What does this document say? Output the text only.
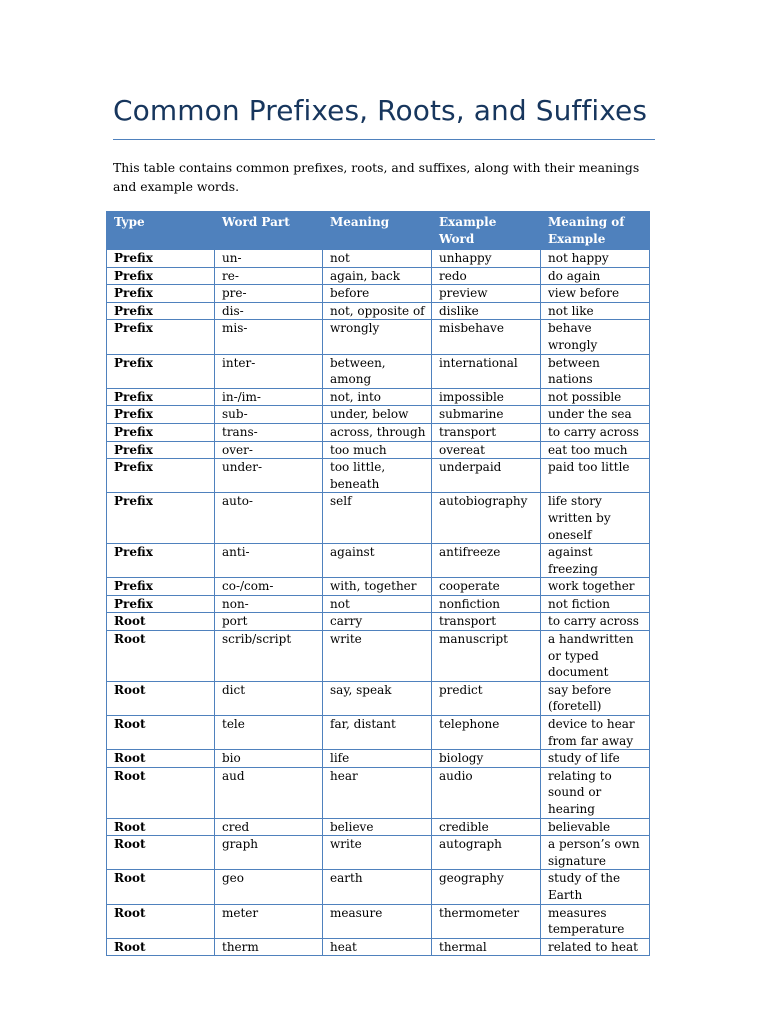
Common Prefixes, Roots, and Suffixes
This table contains common prefixes, roots, and suffixes, along with their meanings and example words.
Type	Word Part	Meaning	Example Word	Meaning of Example
Prefix	un-	not	unhappy	not happy
Prefix	re-	again, back	redo	do again
Prefix	pre-	before	preview	view before
Prefix	dis-	not, opposite of	dislike	not like
Prefix	mis-	wrongly	misbehave	behave wrongly
Prefix	inter-	between, among	international	between nations
Prefix	in-/im-	not, into	impossible	not possible
Prefix	sub-	under, below	submarine	under the sea
Prefix	trans-	across, through	transport	to carry across
Prefix	over-	too much	overeat	eat too much
Prefix	under-	too little, beneath	underpaid	paid too little
Prefix	auto-	self	autobiography	life story written by oneself
Prefix	anti-	against	antifreeze	against freezing
Prefix	co-/com-	with, together	cooperate	work together
Prefix	non-	not	nonfiction	not fiction
Root	port	carry	transport	to carry across
Root	scrib/script	write	manuscript	a handwritten or typed document
Root	dict	say, speak	predict	say before (foretell)
Root	tele	far, distant	telephone	device to hear from far away
Root	bio	life	biology	study of life
Root	aud	hear	audio	relating to sound or hearing
Root	cred	believe	credible	believable
Root	graph	write	autograph	a person’s own signature
Root	geo	earth	geography	study of the Earth
Root	meter	measure	thermometer	measures temperature
Root	therm	heat	thermal	related to heat
